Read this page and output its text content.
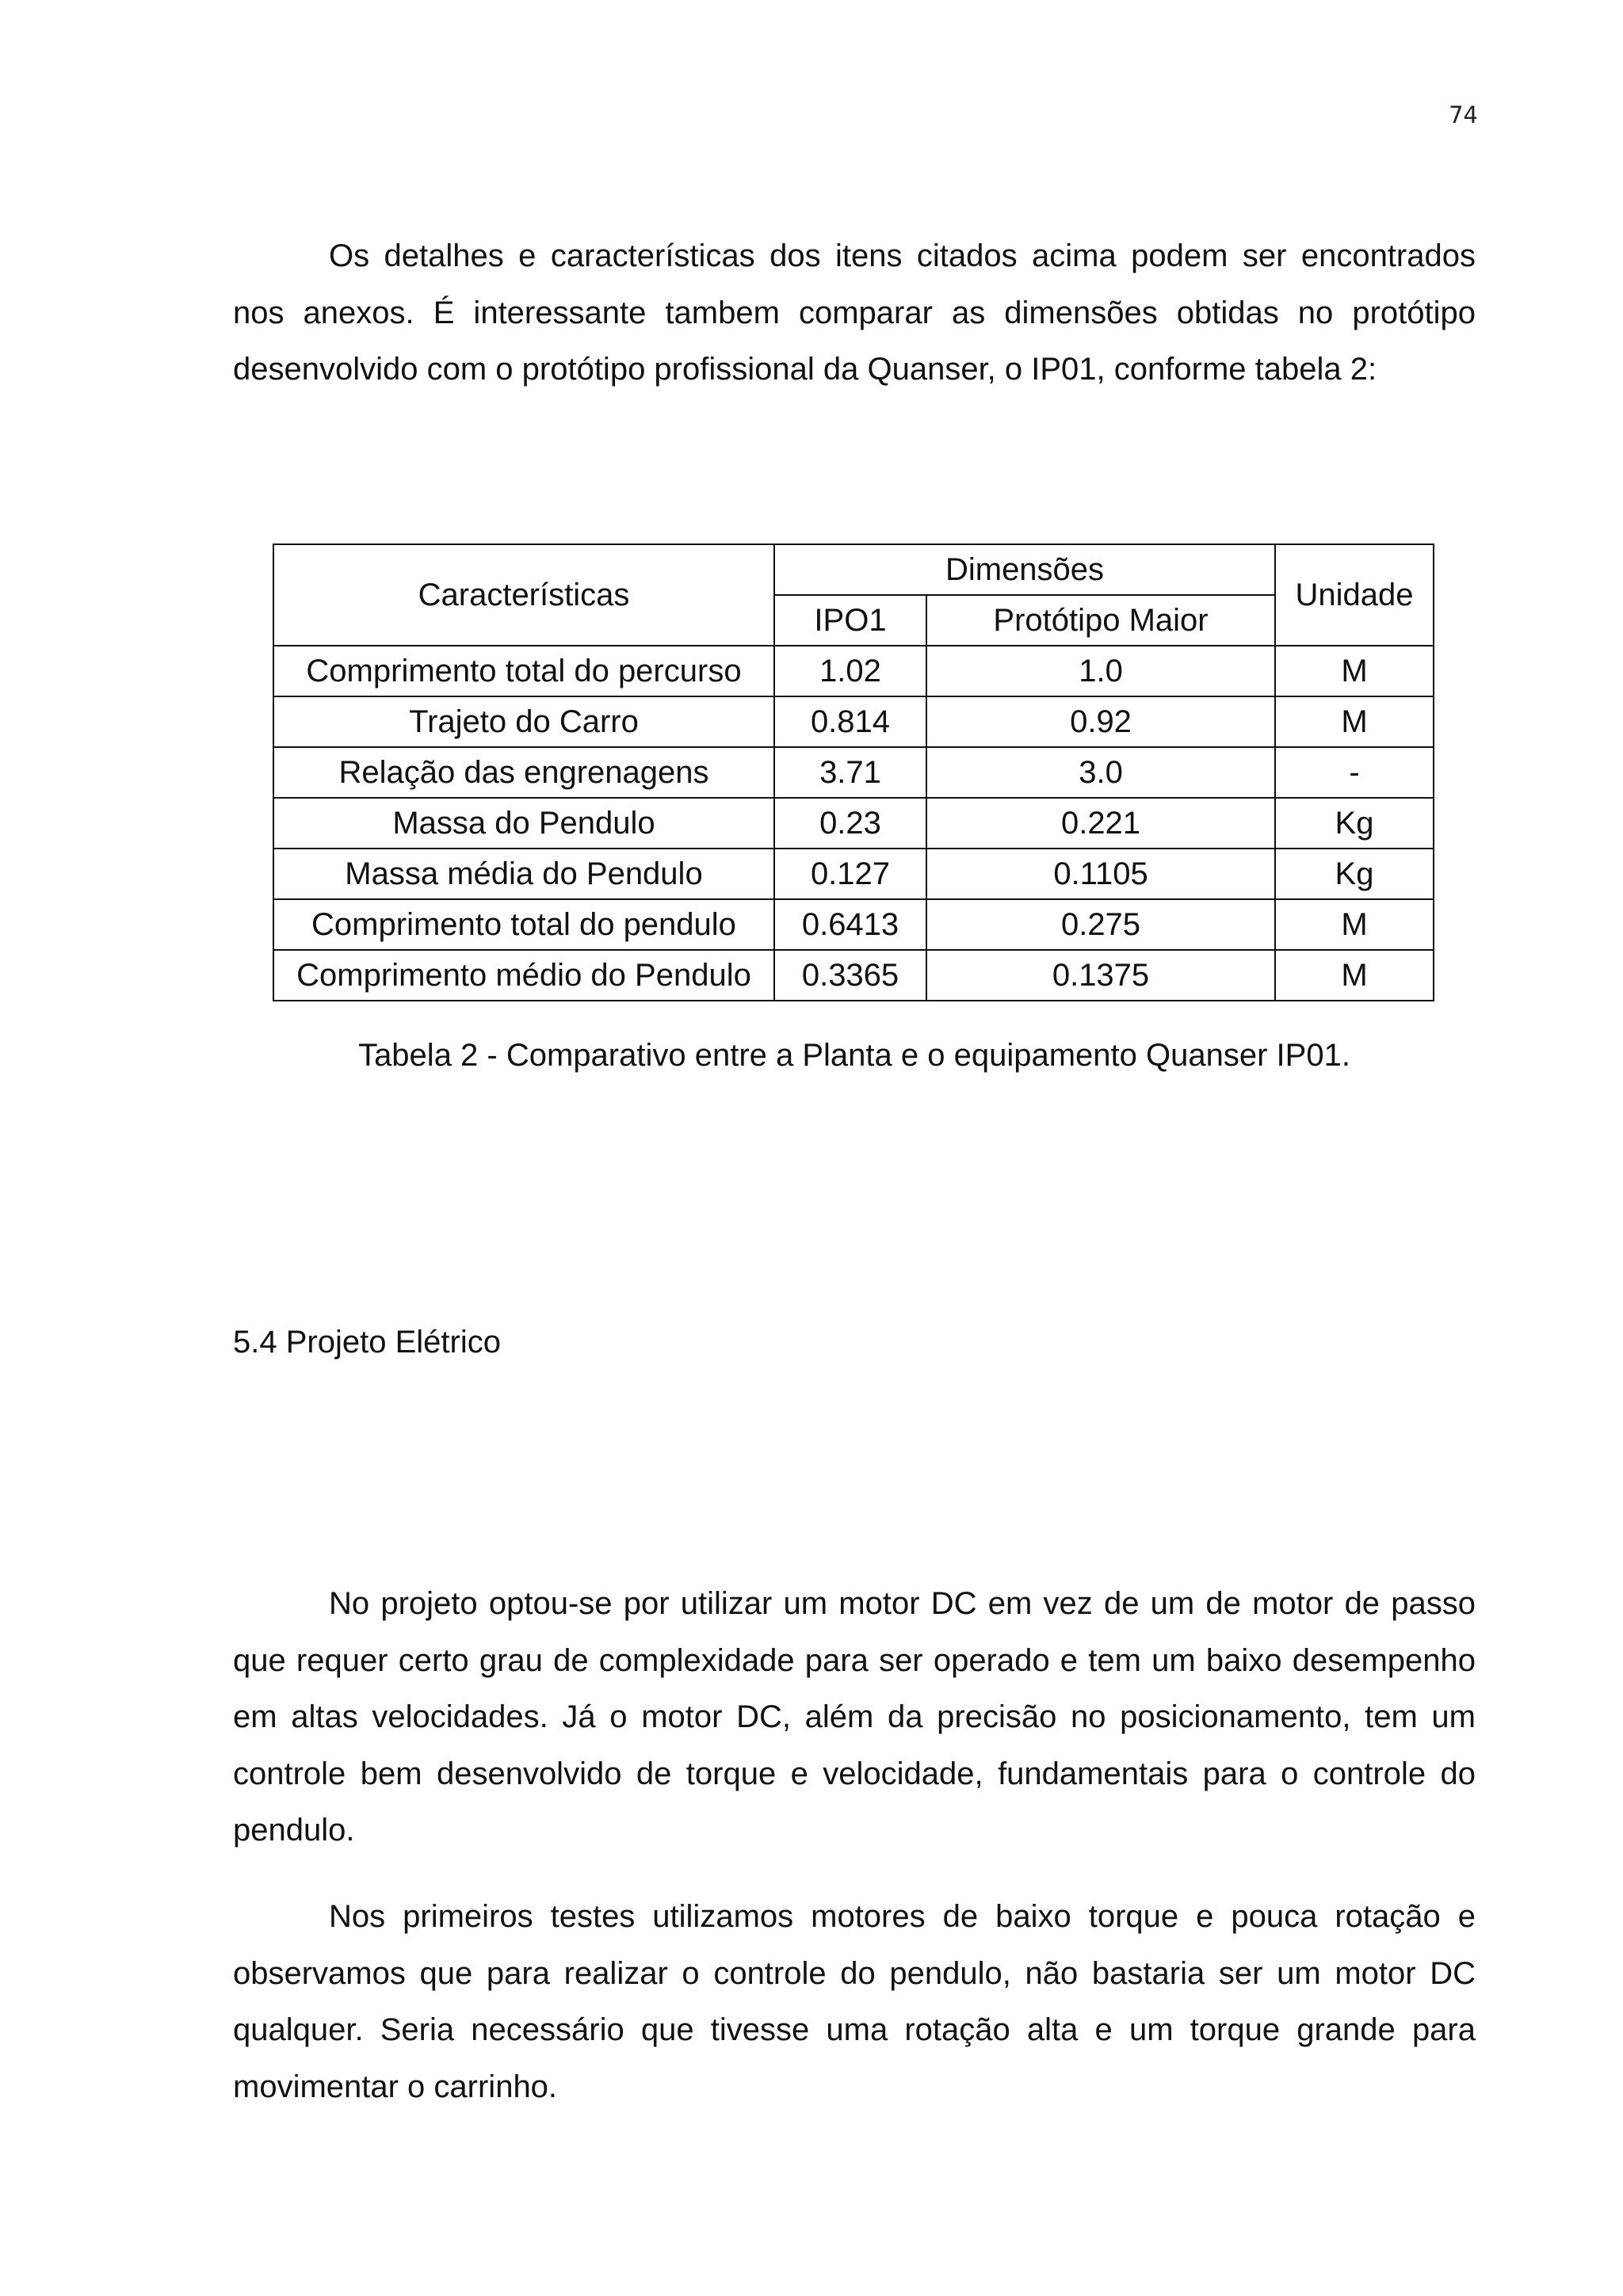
74

Os detalhes e características dos itens citados acima podem ser encontrados nos anexos. É interessante tambem comparar as dimensões obtidas no protótipo desenvolvido com o protótipo profissional da Quanser, o IP01, conforme tabela 2:

Características	Dimensões		Unidade
	IPO1	Protótipo Maior	
Comprimento total do percurso	1.02	1.0	M
Trajeto do Carro	0.814	0.92	M
Relação das engrenagens	3.71	3.0	-
Massa do Pendulo	0.23	0.221	Kg
Massa média do Pendulo	0.127	0.1105	Kg
Comprimento total do pendulo	0.6413	0.275	M
Comprimento médio do Pendulo	0.3365	0.1375	M
Tabela 2 - Comparativo entre a Planta e o equipamento Quanser IP01.
5.4 Projeto Elétrico

No projeto optou-se por utilizar um motor DC em vez de um de motor de passo que requer certo grau de complexidade para ser operado e tem um baixo desempenho em altas velocidades. Já o motor DC, além da precisão no posicionamento, tem um controle bem desenvolvido de torque e velocidade, fundamentais para o controle do pendulo.

Nos primeiros testes utilizamos motores de baixo torque e pouca rotação e observamos que para realizar o controle do pendulo, não bastaria ser um motor DC qualquer. Seria necessário que tivesse uma rotação alta e um torque grande para movimentar o carrinho.
